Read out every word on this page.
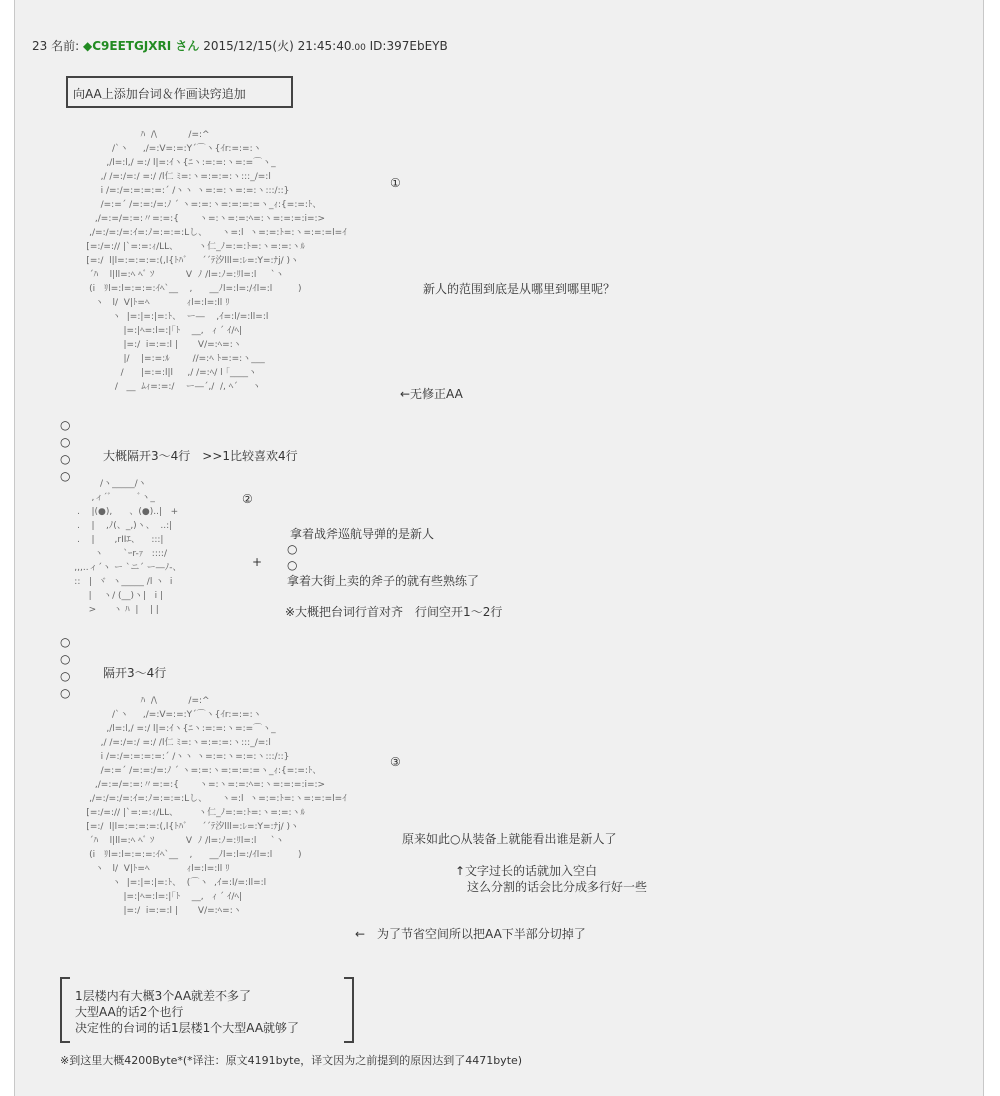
23 名前: ◆C9EETGJXRI さん 2015/12/15(火) 21:45:40.00 ID:397EbEYB
向AA上添加台词＆作画诀窍追加
ﾊ  /\           /=:^
/`ヽ     ,/=:V=:=:Y´⌒ヽ{ｲr:=:=:ヽ
,/l=:l,/ =:/ l|=:ｲヽ{ﾆヽ:=:=:ヽ=:=⌒ヽ_
,/ /=:/=:/ =:/ /l仁 ﾐ=:ヽ=:=:=:ヽ:::_/=:l
i /=:/=:=:=:=:´ /ヽヽ ヽ=:=:ヽ=:=:ヽ:::/::}
/=:=´ /=:=:/=:ﾉ ´ ヽ=:=:ヽ=:=:=:=ヽ_ｨ:{=:=:ﾄ、
,/=:=/=:=:〃=:=:{       ヽ=:ヽ=:=:ﾍ=:ヽ=:=:=:i=:>
,/=:/=:/=:ｲ=:ﾉ=:=:=:Lし、     ヽ=:l  ヽ=:=:ﾄ=:ヽ=:=:=l=ｲ
[=:/=:// |`=:=:ｨ/LL、       ヽ仁_ﾉ=:=:ﾄ=:ヽ=:=:ヽﾙ
[=:/  l|l=:=:=:=:(,l{ﾄﾊﾞ     ´´ﾃ汐lll=:ﾚ=:Y=:ﾅj/ )ヽ
´ﾊ    l|ll=:ﾍ ﾍﾞ ｿ           V  ﾉ /l=:ﾉ=:ﾘl=:l     `ヽ
(i   ﾘl=:l=:=:=:ｲﾍ`__    ,      __ﾉl=:l=:/ｲl=:l         )
ヽ   l/  V|ﾄ=ﾍ             ｨl=:l=:ll ﾘ
ヽ  |=:|=:|=:ﾄ、  ー―    ,ｲ=:l/=:ll=:l
|=:|ﾍ=:l=:|｢ﾄ    __,   ｨ ´ ｲ/ﾍ|
|=:/  i=:=:l |       V/=:ﾍ=:ヽ
|/    |=:=:ﾙ        //=:ﾍ ﾄ=:=:ヽ___
/      |=:=:l|l     ,/ /=:ﾍ/ l ｢____ヽ
/   __  ﾑｨ=:=:/    ー―´,/  /, ﾍ´     ヽ
①
新人的范围到底是从哪里到哪里呢？
←无修正AA
○
○
○
○
大概隔开3～4行　>>1比较喜欢4行
/ヽ_____/ヽ
,ィ´ﾞ         ﾞヽ_
.    |(●),      、(●)..|   +
.    |    ,ﾉ(、_,)ヽ、  ..:|
.    |       ,rIIｴ、    :::|
ヽ       `ｰr-ｧ   ::::/
,,,..ィ´ヽ ー `ニ´ ー―ﾉ‐、
::   |  ヾ  ヽ_____ /l ヽ  i
|    ヽ/ (__)ヽ|   i |
>      ヽ ﾊ  |    | |
②
+
拿着战斧巡航导弹的是新人
○
○
拿着大街上卖的斧子的就有些熟练了
※大概把台词行首对齐　行间空开1～2行
○
○
○
○
隔开3～4行
ﾊ  /\           /=:^
/`ヽ     ,/=:V=:=:Y´⌒ヽ{ｲr:=:=:ヽ
,/l=:l,/ =:/ l|=:ｲヽ{ﾆヽ:=:=:ヽ=:=⌒ヽ_
,/ /=:/=:/ =:/ /l仁 ﾐ=:ヽ=:=:=:ヽ:::_/=:l
i /=:/=:=:=:=:´ /ヽヽ ヽ=:=:ヽ=:=:ヽ:::/::}
/=:=´ /=:=:/=:ﾉ ´ ヽ=:=:ヽ=:=:=:=ヽ_ｨ:{=:=:ﾄ、
,/=:=/=:=:〃=:=:{       ヽ=:ヽ=:=:ﾍ=:ヽ=:=:=:i=:>
,/=:/=:/=:ｲ=:ﾉ=:=:=:Lし、     ヽ=:l  ヽ=:=:ﾄ=:ヽ=:=:=l=ｲ
[=:/=:// |`=:=:ｨ/LL、       ヽ仁_ﾉ=:=:ﾄ=:ヽ=:=:ヽﾙ
[=:/  l|l=:=:=:=:(,l{ﾄﾊﾞ     ´´ﾃ汐lll=:ﾚ=:Y=:ﾅj/ )ヽ
´ﾊ    l|ll=:ﾍ ﾍﾞ ｿ           V  ﾉ /l=:ﾉ=:ﾘl=:l     `ヽ
(i   ﾘl=:l=:=:=:ｲﾍ`__    ,      __ﾉl=:l=:/ｲl=:l         )
ヽ   l/  V|ﾄ=ﾍ             ｨl=:l=:ll ﾘ
ヽ  |=:|=:|=:ﾄ、  (⌒ヽ  ,ｲ=:l/=:ll=:l
|=:|ﾍ=:l=:|｢ﾄ    __,   ｨ ´ ｲ/ﾍ|
|=:/  i=:=:l |       V/=:ﾍ=:ヽ
③
原来如此○从装备上就能看出谁是新人了
↑文字过长的话就加入空白
这么分割的话会比分成多行好一些
←　为了节省空间所以把AA下半部分切掉了
1层楼内有大概3个AA就差不多了
大型AA的话2个也行
决定性的台词的话1层楼1个大型AA就够了
※到这里大概4200Byte*(*译注：原文4191byte，译文因为之前提到的原因达到了4471byte)
